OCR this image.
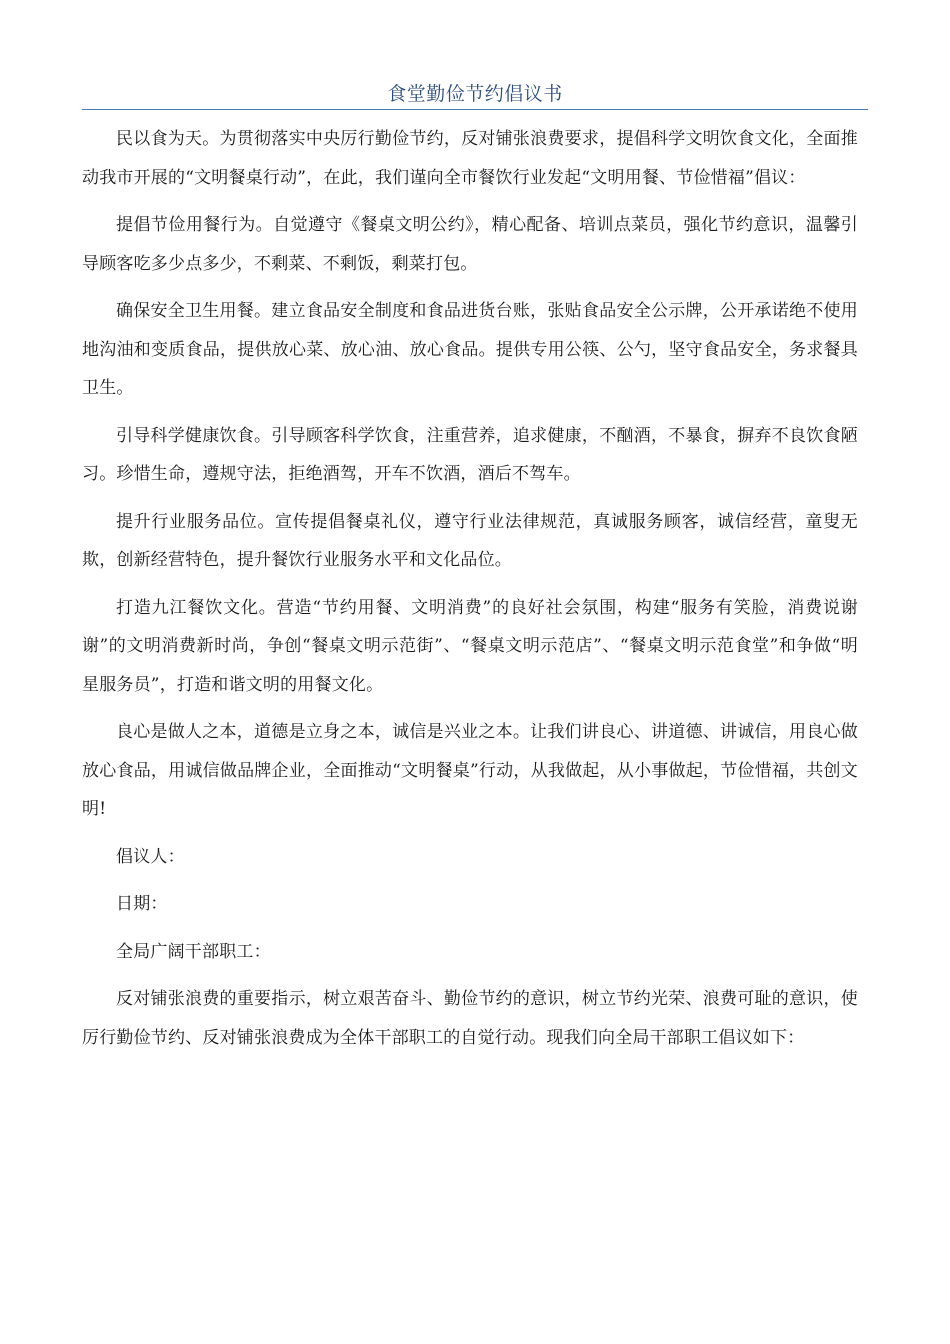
食堂勤俭节约倡议书

民以食为天。为贯彻落实中央厉行勤俭节约，反对铺张浪费要求，提倡科学文明饮食文化，全面推动我市开展的“文明餐桌行动”，在此，我们谨向全市餐饮行业发起“文明用餐、节俭惜福”倡议：

提倡节俭用餐行为。自觉遵守《餐桌文明公约》，精心配备、培训点菜员，强化节约意识，温馨引导顾客吃多少点多少，不剩菜、不剩饭，剩菜打包。

确保安全卫生用餐。建立食品安全制度和食品进货台账，张贴食品安全公示牌，公开承诺绝不使用地沟油和变质食品，提供放心菜、放心油、放心食品。提供专用公筷、公勺，坚守食品安全，务求餐具卫生。

引导科学健康饮食。引导顾客科学饮食，注重营养，追求健康，不酗酒，不暴食，摒弃不良饮食陋习。珍惜生命，遵规守法，拒绝酒驾，开车不饮酒，酒后不驾车。

提升行业服务品位。宣传提倡餐桌礼仪，遵守行业法律规范，真诚服务顾客，诚信经营，童叟无欺，创新经营特色，提升餐饮行业服务水平和文化品位。

打造九江餐饮文化。营造“节约用餐、文明消费”的良好社会氛围，构建“服务有笑脸，消费说谢谢”的文明消费新时尚，争创“餐桌文明示范街”、“餐桌文明示范店”、“餐桌文明示范食堂”和争做“明星服务员”，打造和谐文明的用餐文化。

良心是做人之本，道德是立身之本，诚信是兴业之本。让我们讲良心、讲道德、讲诚信，用良心做放心食品，用诚信做品牌企业，全面推动“文明餐桌”行动，从我做起，从小事做起，节俭惜福，共创文明!

倡议人：

日期：

全局广阔干部职工：

反对铺张浪费的重要指示，树立艰苦奋斗、勤俭节约的意识，树立节约光荣、浪费可耻的意识，使厉行勤俭节约、反对铺张浪费成为全体干部职工的自觉行动。现我们向全局干部职工倡议如下：
